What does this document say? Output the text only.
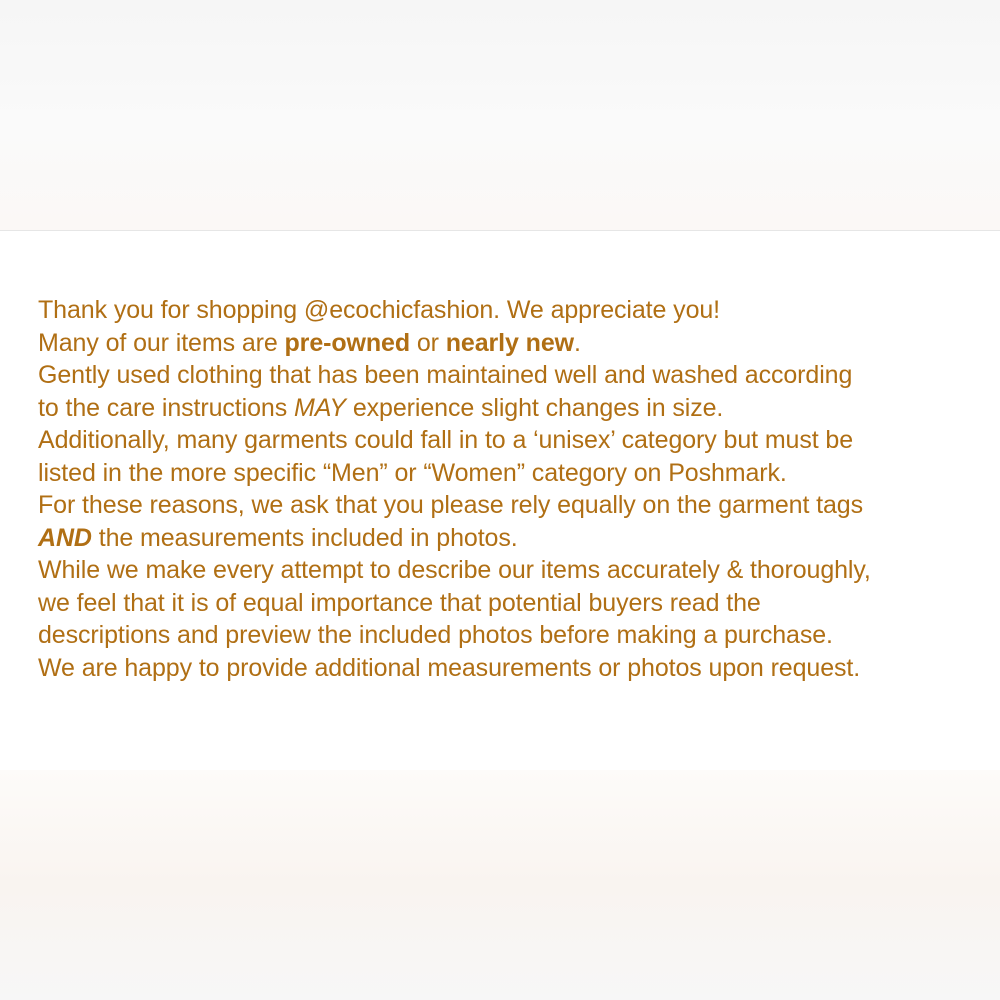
Thank you for shopping @ecochicfashion. We appreciate you!
Many of our items are pre-owned or nearly new.
Gently used clothing that has been maintained well and washed according
to the care instructions MAY experience slight changes in size.
Additionally, many garments could fall in to a ‘unisex’ category but must be
listed in the more specific “Men” or “Women” category on Poshmark.
For these reasons, we ask that you please rely equally on the garment tags
AND the measurements included in photos.
While we make every attempt to describe our items accurately & thoroughly,
we feel that it is of equal importance that potential buyers read the
descriptions and preview the included photos before making a purchase.
We are happy to provide additional measurements or photos upon request.
